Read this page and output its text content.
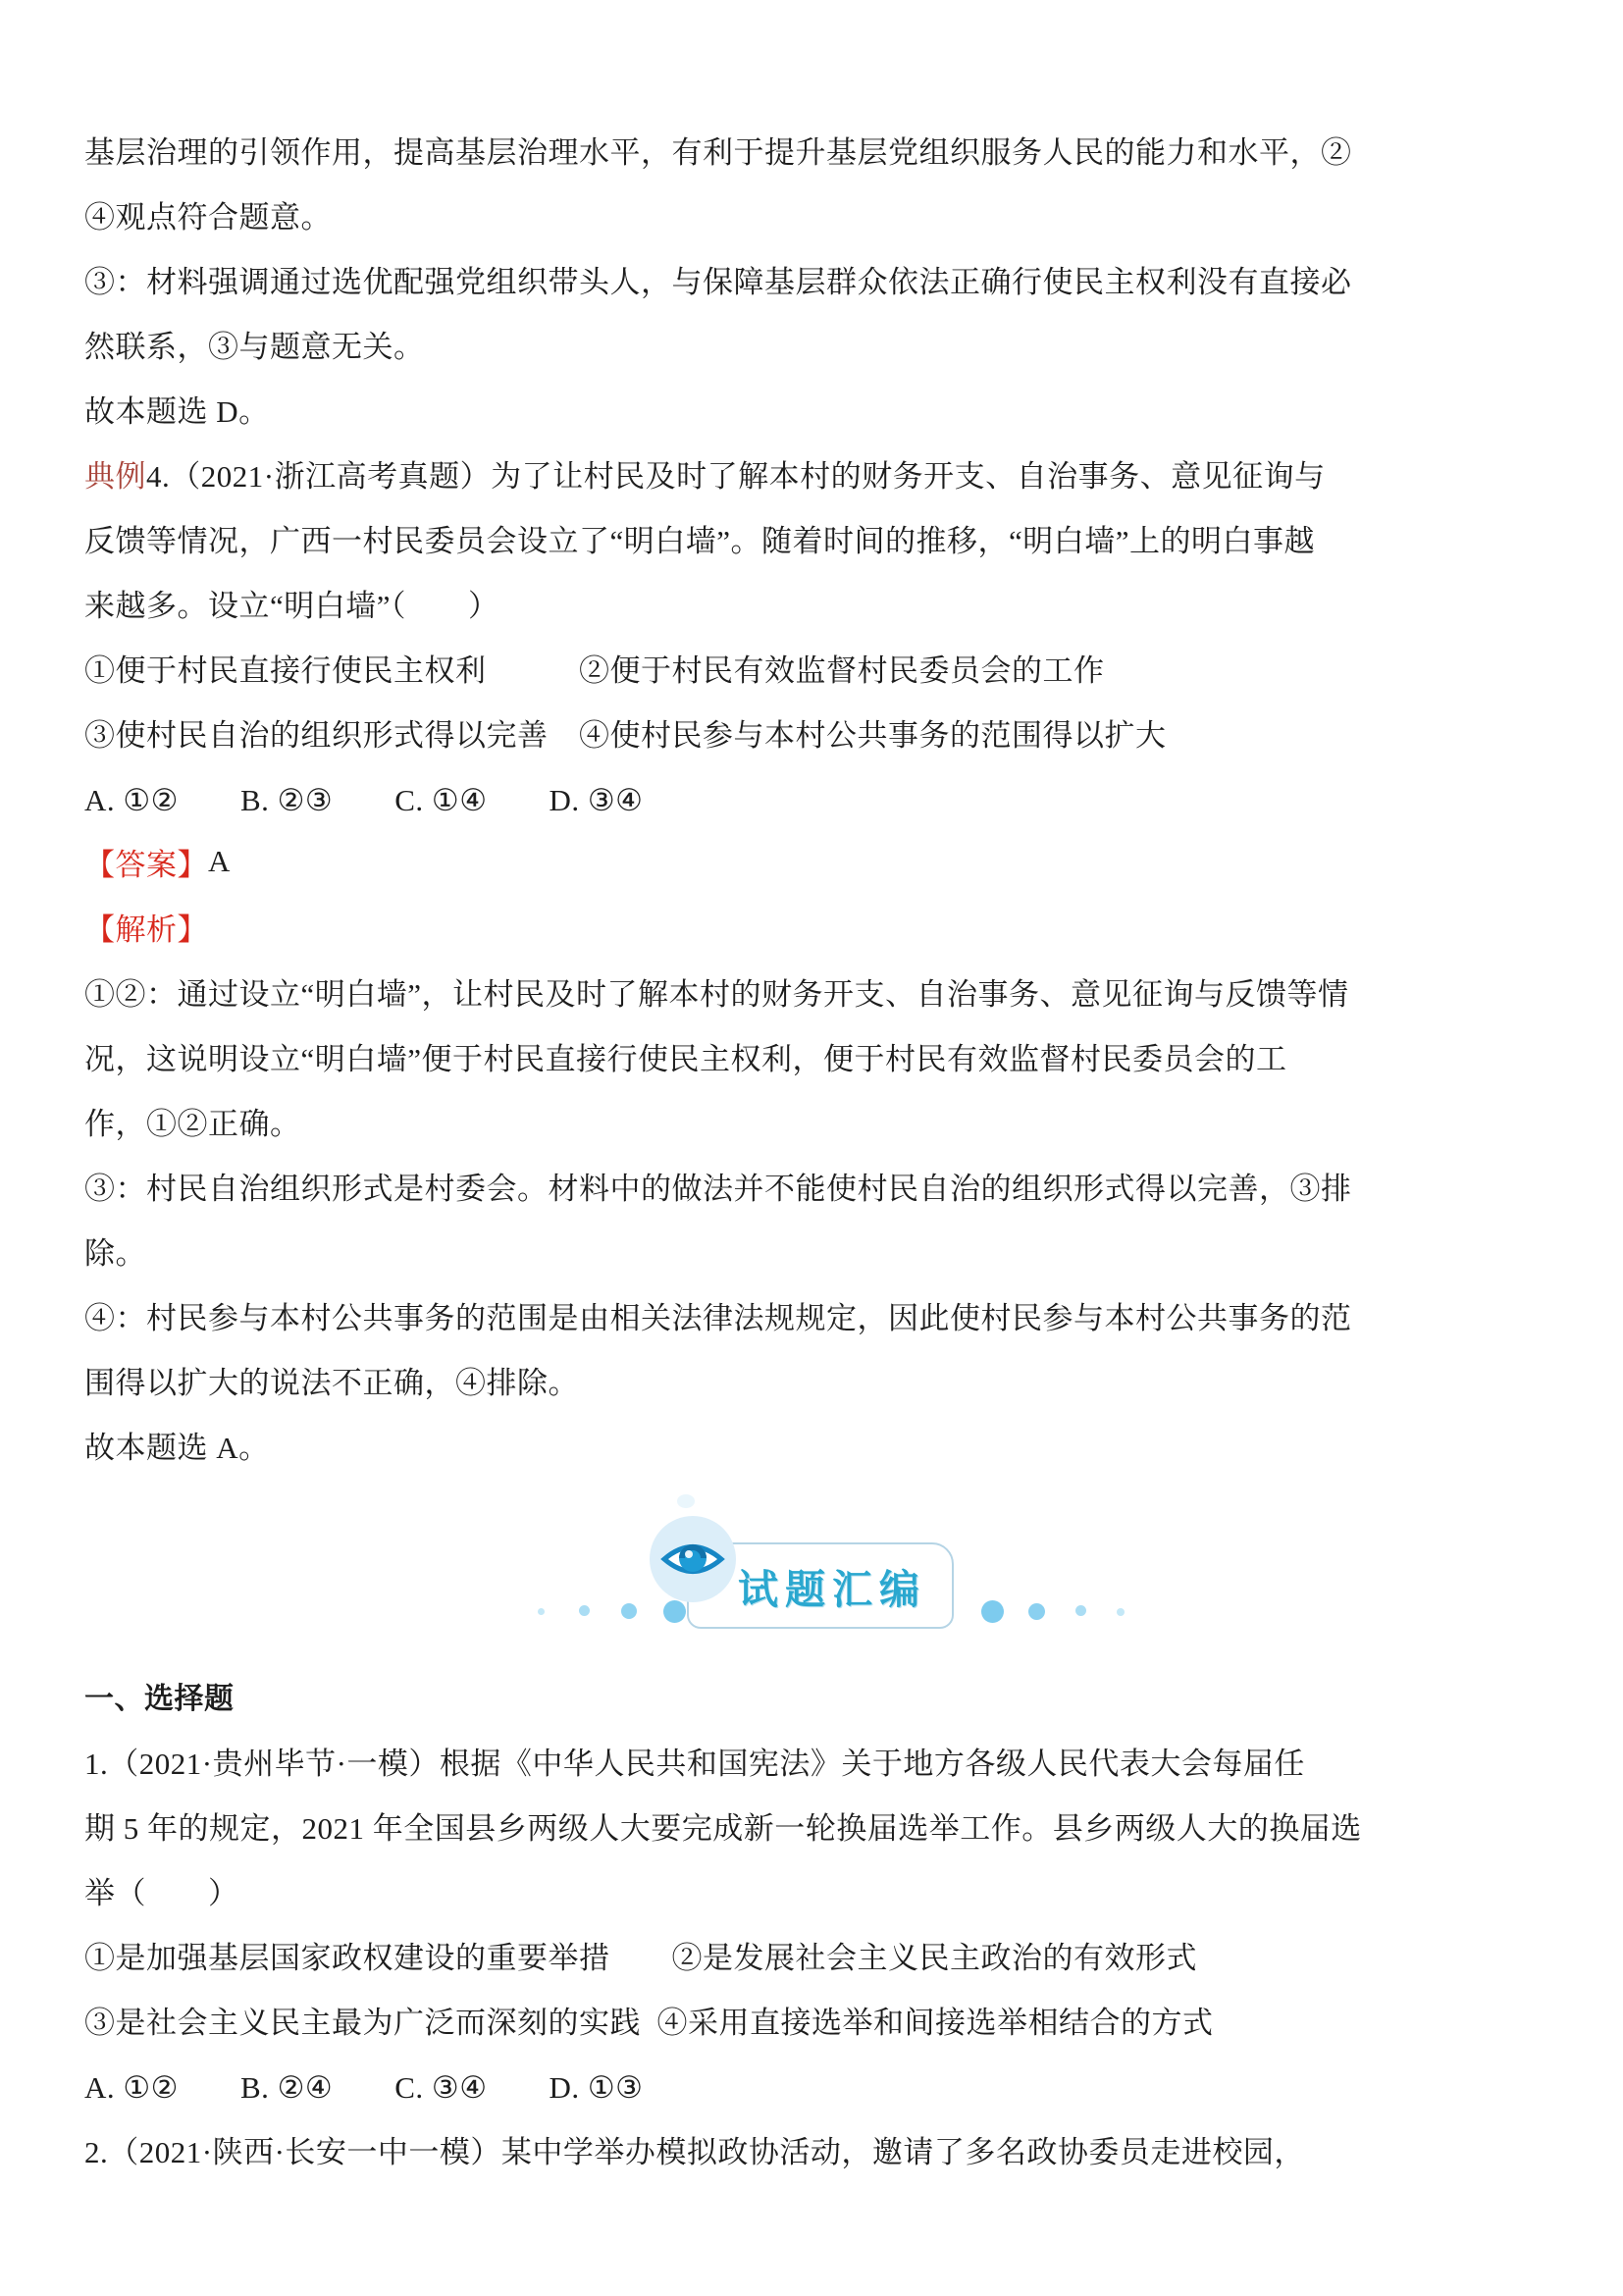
基层治理的引领作用，提高基层治理水平，有利于提升基层党组织服务人民的能力和水平，②
④观点符合题意。
③：材料强调通过选优配强党组织带头人，与保障基层群众依法正确行使民主权利没有直接必
然联系，③与题意无关。
故本题选 D。
典例 4.（2021·浙江高考真题）为了让村民及时了解本村的财务开支、自治事务、意见征询与
反馈等情况，广西一村民委员会设立了“明白墙”。随着时间的推移，“明白墙”上的明白事越
来越多。设立“明白墙”（　　）
①便于村民直接行使民主权利　　　②便于村民有效监督村民委员会的工作
③使村民自治的组织形式得以完善　④使村民参与本村公共事务的范围得以扩大
A. ①②　　B. ②③　　C. ①④　　D. ③④
【答案】 A
【解析】
①②：通过设立“明白墙”，让村民及时了解本村的财务开支、自治事务、意见征询与反馈等情
况，这说明设立“明白墙”便于村民直接行使民主权利，便于村民有效监督村民委员会的工
作，①②正确。
③：村民自治组织形式是村委会。材料中的做法并不能使村民自治的组织形式得以完善，③排
除。
④：村民参与本村公共事务的范围是由相关法律法规规定，因此使村民参与本村公共事务的范
围得以扩大的说法不正确，④排除。
故本题选 A。
试题汇编
一、选择题
1.（2021·贵州毕节·一模）根据《中华人民共和国宪法》关于地方各级人民代表大会每届任
期 5 年的规定，2021 年全国县乡两级人大要完成新一轮换届选举工作。县乡两级人大的换届选
举（　　）
①是加强基层国家政权建设的重要举措　　②是发展社会主义民主政治的有效形式
③是社会主义民主最为广泛而深刻的实践  ④采用直接选举和间接选举相结合的方式
A. ①②　　B. ②④　　C. ③④　　D. ①③
2.（2021·陕西·长安一中一模）某中学举办模拟政协活动，邀请了多名政协委员走进校园，
